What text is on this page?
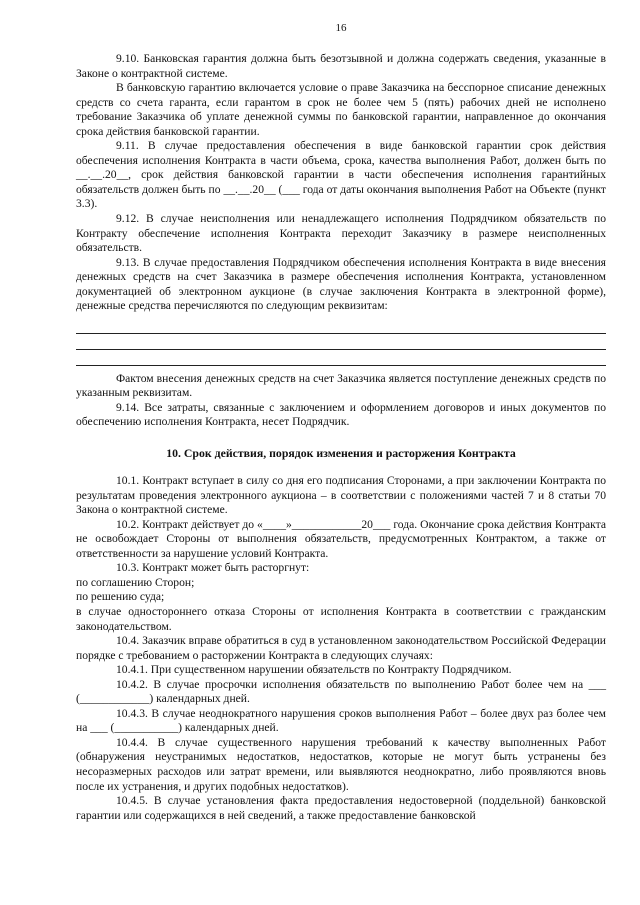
16

9.10. Банковская гарантия должна быть безотзывной и должна содержать сведения, указанные в Законе о контрактной системе.

В банковскую гарантию включается условие о праве Заказчика на бесспорное списание денежных средств со счета гаранта, если гарантом в срок не более чем 5 (пять) рабочих дней не исполнено требование Заказчика об уплате денежной суммы по банковской гарантии, направленное до окончания срока действия банковской гарантии.

9.11. В случае предоставления обеспечения в виде банковской гарантии срок действия обеспечения исполнения Контракта в части объема, срока, качества выполнения Работ, должен быть по __.__.20__, срок действия банковской гарантии в части обеспечения исполнения гарантийных обязательств должен быть по __.__.20__ (___ года от даты окончания выполнения Работ на Объекте (пункт 3.3).

9.12. В случае неисполнения или ненадлежащего исполнения Подрядчиком обязательств по Контракту обеспечение исполнения Контракта переходит Заказчику в размере неисполненных обязательств.

9.13. В случае предоставления Подрядчиком обеспечения исполнения Контракта в виде внесения денежных средств на счет Заказчика в размере обеспечения исполнения Контракта, установленном документацией об электронном аукционе (в случае заключения Контракта в электронной форме), денежные средства перечисляются по следующим реквизитам:

Фактом внесения денежных средств на счет Заказчика является поступление денежных средств по указанным реквизитам.

9.14. Все затраты, связанные с заключением и оформлением договоров и иных документов по обеспечению исполнения Контракта, несет Подрядчик.

10. Срок действия, порядок изменения и расторжения Контракта

10.1. Контракт вступает в силу со дня его подписания Сторонами, а при заключении Контракта по результатам проведения электронного аукциона – в соответствии с положениями частей 7 и 8 статьи 70 Закона о контрактной системе.

10.2. Контракт действует до «____»____________20___ года. Окончание срока действия Контракта не освобождает Стороны от выполнения обязательств, предусмотренных Контрактом, а также от ответственности за нарушение условий Контракта.

10.3. Контракт может быть расторгнут:

по соглашению Сторон;

по решению суда;

в случае одностороннего отказа Стороны от исполнения Контракта в соответствии с гражданским законодательством.

10.4. Заказчик вправе обратиться в суд в установленном законодательством Российской Федерации порядке с требованием о расторжении Контракта в следующих случаях:

10.4.1. При существенном нарушении обязательств по Контракту Подрядчиком.

10.4.2. В случае просрочки исполнения обязательств по выполнению Работ более чем на ___ (____________) календарных дней.

10.4.3. В случае неоднократного нарушения сроков выполнения Работ – более двух раз более чем на ___ (___________) календарных дней.

10.4.4. В случае существенного нарушения требований к качеству выполненных Работ (обнаружения неустранимых недостатков, недостатков, которые не могут быть устранены без несоразмерных расходов или затрат времени, или выявляются неоднократно, либо проявляются вновь после их устранения, и других подобных недостатков).

10.4.5. В случае установления факта предоставления недостоверной (поддельной) банковской гарантии или содержащихся в ней сведений, а также предоставление банковской
